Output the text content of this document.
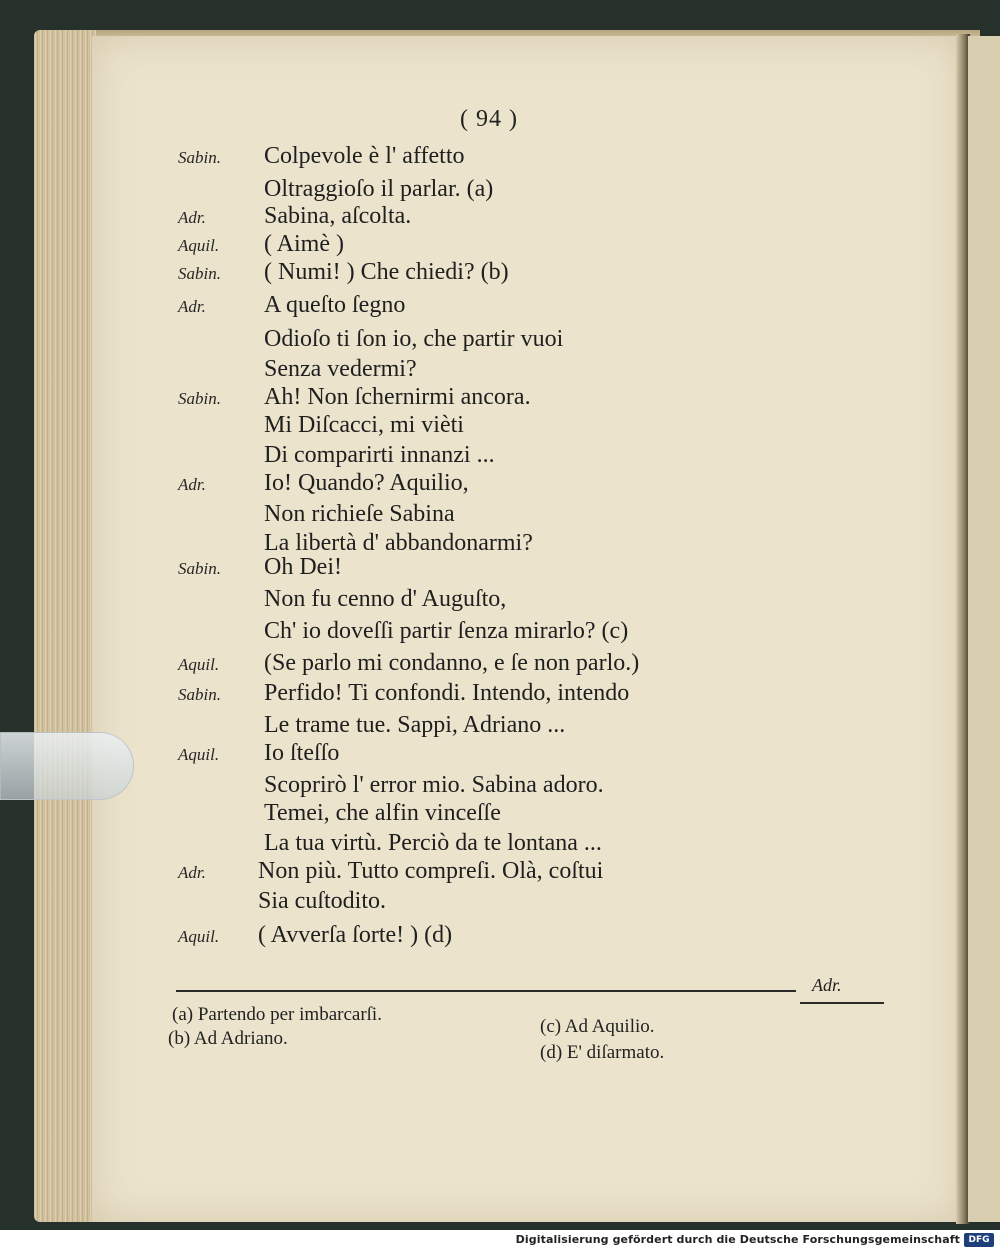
( 94 )
Sabin. Colpevole è l' affetto
Oltraggioſo il parlar. (a)
Adr. Sabina, aſcolta.
Aquil. ( Aimè )
Sabin. ( Numi! ) Che chiedi? (b)
Adr. A queſto ſegno
Odioſo ti ſon io, che partir vuoi
Senza vedermi?
Sabin. Ah! Non ſchernirmi ancora.
Mi Diſcacci, mi vièti
Di comparirti innanzi ...
Adr. Io! Quando? Aquilio,
Non richieſe Sabina
La libertà d' abbandonarmi?
Sabin. Oh Dei!
Non fu cenno d' Auguſto,
Ch' io doveſſi partir ſenza mirarlo? (c)
Aquil. (Se parlo mi condanno, e ſe non parlo.)
Sabin. Perfido! Ti confondi. Intendo, intendo
Le trame tue. Sappi, Adriano ...
Aquil. Io ſteſſo
Scoprirò l' error mio. Sabina adoro.
Temei, che alfin vinceſſe
La tua virtù. Perciò da te lontana ...
Adr. Non più. Tutto compreſi. Olà, coſtui
Sia cuſtodito.
Aquil. ( Avverſa ſorte! ) (d)
Adr.
(a) Partendo per imbarcarſi.
(b) Ad Adriano.
(c) Ad Aquilio.
(d) E' diſarmato.
Digitalisierung gefördert durch die Deutsche Forschungsgemeinschaft DFG
